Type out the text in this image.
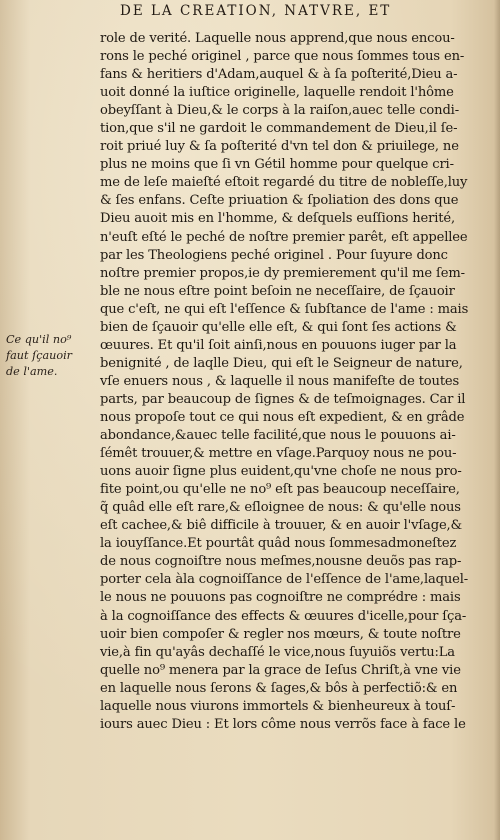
DE LA CREATION, NATVRE, ET
Ce qu'il no⁹
faut ſçauoir
de l'ame.
role de verité. Laquelle nous apprend,que nous encou-
rons le peché originel , parce que nous ſommes tous en-
fans & heritiers d'Adam,auquel & à ſa poſterité,Dieu a-
uoit donné la iuſtice originelle, laquelle rendoit l'hôme
obeyſſant à Dieu,& le corps à la raiſon,auec telle condi-
tion,que s'il ne gardoit le commandement de Dieu,il ſe-
roit priué luy & ſa poſterité d'vn tel don & priuilege, ne
plus ne moins que ſi vn Gétil homme pour quelque cri-
me de leſe maieſté eſtoit regardé du titre de nobleſſe,luy
& ſes enfans. Ceſte priuation & ſpoliation des dons que
Dieu auoit mis en l'homme, & deſquels euſſions herité,
n'euſt eſté le peché de noſtre premier parêt, eſt appellee
par les Theologiens peché originel . Pour ſuyure donc
noſtre premier propos,ie dy premierement qu'il me ſem-
ble ne nous eſtre point beſoin ne neceſſaire, de ſçauoir
que c'eſt, ne qui eſt l'eſſence & ſubſtance de l'ame : mais
bien de ſçauoir qu'elle elle eſt, & qui ſont ſes actions &
œuures. Et qu'il ſoit ainſi,nous en pouuons iuger par la
benignité , de laqlle Dieu, qui eſt le Seigneur de nature,
vſe enuers nous , & laquelle il nous manifeſte de toutes
parts, par beaucoup de ſignes & de teſmoignages. Car il
nous propoſe tout ce qui nous eſt expedient, & en grâde
abondance,&auec telle facilité,que nous le pouuons ai-
ſémêt trouuer,& mettre en vſage.Parquoy nous ne pou-
uons auoir ſigne plus euident,qu'vne choſe ne nous pro-
fite point,ou qu'elle ne no⁹ eſt pas beaucoup neceſſaire,
q̃ quâd elle eſt rare,& eſloignee de nous: & qu'elle nous
eſt cachee,& biê difficile à trouuer, & en auoir l'vſage,&
la iouyſſance.Et pourtât quâd nous ſommesadmoneſtez
de nous cognoiſtre nous meſmes,nousne deuõs pas rap-
porter cela àla cognoiſſance de l'eſſence de l'ame,laquel-
le nous ne pouuons pas cognoiſtre ne comprédre : mais
à la cognoiſſance des effects & œuures d'icelle,pour ſça-
uoir bien compoſer & regler nos mœurs, & toute noſtre
vie,à fin qu'ayâs dechaſſé le vice,nous ſuyuiõs vertu:La
quelle no⁹ menera par la grace de Ieſus Chriſt,à vne vie
en laquelle nous ſerons & ſages,& bôs à perfectiõ:& en
laquelle nous viurons immortels & bienheureux à touſ-
iours auec Dieu : Et lors côme nous verrõs face à face le
